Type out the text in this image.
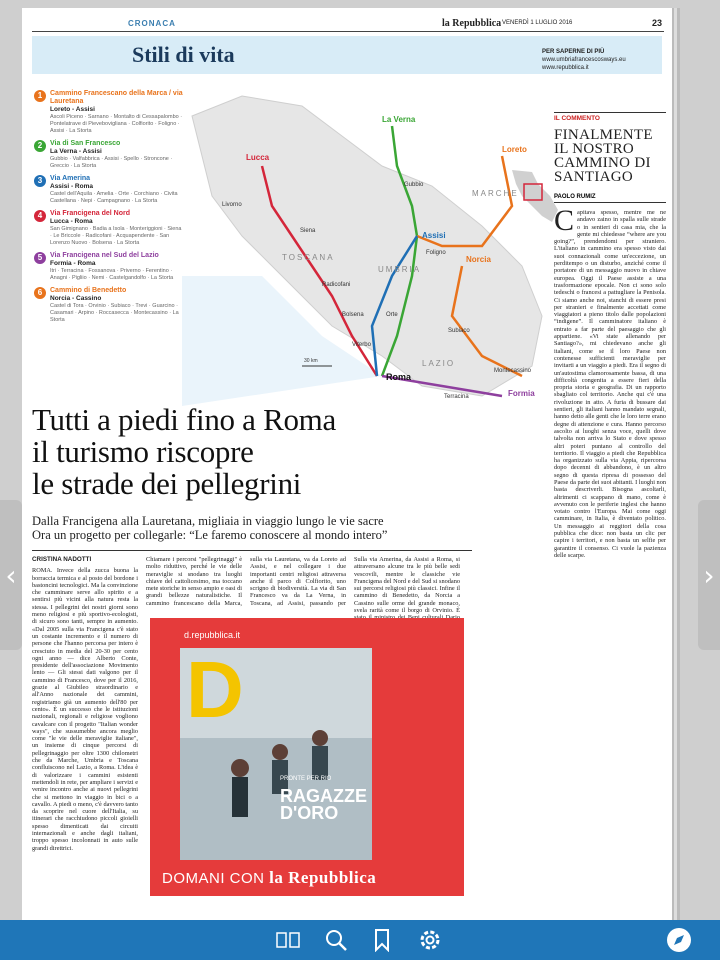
CRONACA	la Repubblica VENERDÌ 1 LUGLIO 2016	23
Stili di vita	PER SAPERNE DI PIÙ
www.umbriafrancescosways.eu
www.repubblica.it
1	Cammino Francescano della Marca / via Lauretana
Loreto - Assisi
Ascoli Piceno · Sarnano · Montalto di Cessapalombo · Pontelatrave di Pievebovigliana · Colfiorito · Foligno · Assisi · La Storta
2	Via di San Francesco
La Verna - Assisi
Gubbio · Valfabbrica · Assisi · Spello · Stroncone · Greccio · La Storta
3	Via Amerina
Assisi - Roma
Castel dell'Aquila · Amelia · Orte · Corchiano · Civita Castellana · Nepi · Campagnano · La Storta
4	Via Francigena del Nord
Lucca - Roma
San Gimignano · Badia a Isola · Monteriggioni · Siena · Le Briccole · Radicofani · Acquapendente · San Lorenzo Nuovo · Bolsena · La Storta
5	Via Francigena nel Sud del Lazio
Formia - Roma
Itri · Terracina · Fossanova · Priverno · Ferentino · Anagni · Pigliio · Nemi · Castelgandolfo · La Storta
6	Cammino di Benedetto
Norcia - Cassino
Castel di Tora · Orvinio · Subiaco · Trevi · Guarcino · Casamari · Arpino · Roccasecca · Montecassino · La Storta
Lucca
La Verna
Loreto
Gubbio
Assisi
Foligno
Siena
Radicofani
Bolsena
Viterbo
Orte
Norcia
Subiaco
Roma
Terracina
Montecassino
Formia
Livorno
TOSCANA
UMBRIA
MARCHE
LAZIO
30 km
IL COMMENTO
FINALMENTE IL NOSTRO CAMMINO DI SANTIAGO
PAOLO RUMIZ
Capitava spesso, mentre me ne andavo zaino in spalla sulle strade o in sentieri di casa mia, che la gente mi chiedesse “where are you going?”, prendendomi per straniero. L'italiano in cammino era spesso visto dai suoi connazionali come un'eccezione, un perditempo o un disturbo, anziché come il portatore di un messaggio nuovo in chiave europea. Oggi il Paese assiste a una trasformazione epocale. Non ci sono solo tedeschi o francesi a pattugliare la Penisola. Ci siamo anche noi, stanchi di essere presi per stranieri e finalmente accettati come viaggiatori a pieno titolo dalle popolazioni “indigene”. Il camminatore italiano è entrato a far parte del paesaggio che gli appartiene. «Vi state allenando per Santiago?», mi chiedevano anche gli italiani, come se il loro Paese non contenesse sufficienti meraviglie per invitarti a un viaggio a piedi. Era il segno di un'autostima clamorosamente bassa, di una difficoltà congenita a essere fieri della propria storia e geografia. Di un rapporto sbagliato col territorio. Anche qui c'è una rivoluzione in atto. A furia di bussare dai sentieri, gli italiani hanno mandato segnali, hanno detto alle genti che le loro terre erano degne di attenzione e cura. Hanno percorso ascolto ai luoghi senza voce, quelli dove talvolta non arriva lo Stato e dove spesso altri poteri puntano al controllo del territorio. Il viaggio a piedi che Repubblica ha organizzato sulla via Appia, ripercorsa dopo decenni di abbandono, è un altro segno di questa ripresa di possesso del Paese da parte dei suoi abitanti. I luoghi non basta descriverli. Bisogna ascoltarli, altrimenti ci scappano di mano, come è avvenuto con le periferie inglesi che hanno votato contro l'Europa. Mai come oggi camminare, in Italia, è diventato politico. Un messaggio ai reggitori della cosa pubblica che dice: non basta un clic per capire i territori, e non basta un selfie per garantire il consenso. Ci vuole la pazienza delle scarpe.
Tutti a piedi fino a Roma
il turismo riscopre
le strade dei pellegrini
Dalla Francigena alla Lauretana, migliaia in viaggio lungo le vie sacre
Ora un progetto per collegarle: “Le faremo conoscere al mondo intero”
CRISTINA NADOTTI
ROMA. Invece della zucca buona la borraccia termica e al posto del bordone i bastoncini tecnologici. Ma la convinzione che camminare serve allo spirito e a sentirsi più vicini alla natura resta la stessa. I pellegrini dei nostri giorni sono meno religiosi e più sportivo-ecologisti, di sicuro sono tanti, sempre in aumento. «Dal 2005 sulla via Francigena c'è stato un costante incremento e il numero di persone che l'hanno percorsa per intero è cresciuto in media del 20-30 per cento ogni anno — dice Alberto Conte, presidente dell'associazione Movimento lento — Gli stessi dati valgono per il cammino di Francesco, dove per il 2016, grazie al Giubileo straordinario e all'Anno nazionale dei cammini, registriamo già un aumento dell'80 per cento». È un successo che le istituzioni nazionali, regionali e religiose vogliono cavalcare con il progetto "Italian wonder ways", che sussumebbe ancora meglio come "le vie delle meraviglie italiane", un insieme di cinque percorsi di pellegrinaggio per oltre 1300 chilometri che da Marche, Umbria e Toscana confluiscono nel Lazio, a Roma. L'idea è di valorizzare i cammini esistenti mettendoli in rete, per ampliare i servizi e venire incontro anche ai nuovi pellegrini che si mettono in viaggio in bici o a cavallo. A piedi o meno, c'è davvero tanto da scoprire nel cuore dell'Italia, su itinerari che racchiudono piccoli gioielli spesso dimenticati dai circuiti internazionali e anche dagli italiani, troppo spesso incolonnati in auto sulle grandi direttrici.
Chiamare i percorsi "pellegrinaggi" è molto riduttivo, perché le vie delle meraviglie si snodano tra luoghi chiave del cattolicesimo, ma toccano mete storiche in senso ampio e oasi di grandi bellezze naturalistiche. Il cammino francescano della Marca, sulla via Lauretana, va da Loreto ad Assisi, e nel collegare i due importanti centri religiosi attraversa anche il parco di Colfiorito, uno scrigno di biodiversità. La via di San Francesco va da La Verna, in Toscana, ad Assisi, passando per
Sulla via Amerina, da Assisi a Roma, si attraversano alcune tra le più belle sedi vescovili, mentre le classiche vie Francigena del Nord e del Sud si snodano sui percorsi religiosi più classici. Infine il cammino di Benedetto, da Norcia a Cassino sulle orme del grande monaco, svela rarità come il borgo di Orvinio. È
d.repubblica.it
D
PRONTE PER RIO
RAGAZZE D'ORO
DOMANI CON la Repubblica
‹	›
